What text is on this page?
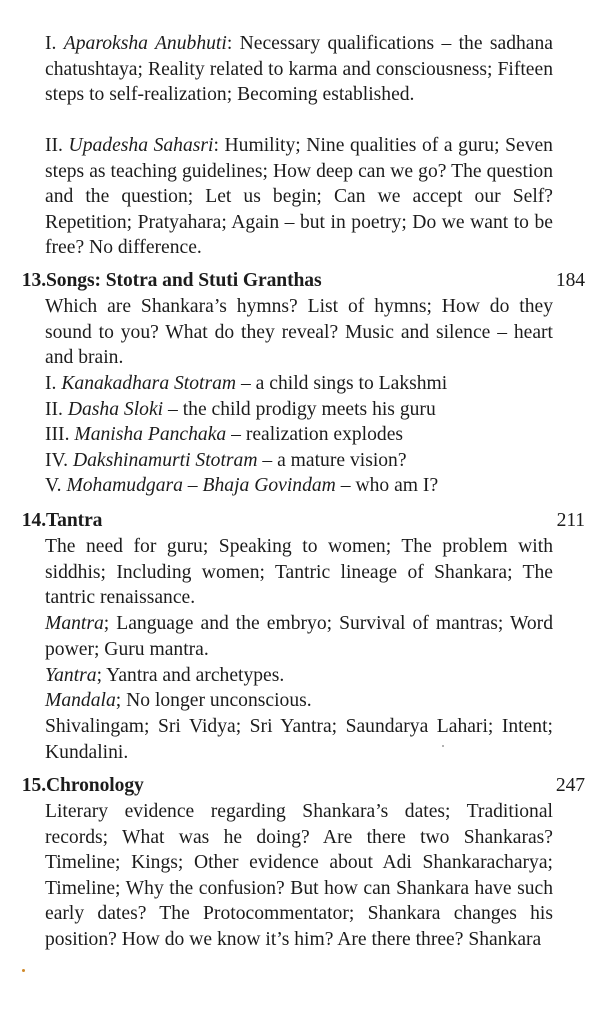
I. Aparoksha Anubhuti: Necessary qualifications – the sadhana chatushtaya; Reality related to karma and consciousness; Fifteen steps to self-realization; Becoming established.

II. Upadesha Sahasri: Humility; Nine qualities of a guru; Seven steps as teaching guidelines; How deep can we go? The question and the question; Let us begin; Can we accept our Self? Repetition; Pratyahara; Again – but in poetry; Do we want to be free? No difference.

13.Songs: Stotra and Stuti Granthas	184

Which are Shankara’s hymns? List of hymns; How do they sound to you? What do they reveal? Music and silence – heart and brain.

I. Kanakadhara Stotram – a child sings to Lakshmi
II. Dasha Sloki – the child prodigy meets his guru
III. Manisha Panchaka – realization explodes
IV. Dakshinamurti Stotram – a mature vision?
V. Mohamudgara – Bhaja Govindam – who am I?
14.Tantra	211

The need for guru; Speaking to women; The problem with siddhis; Including women; Tantric lineage of Shankara; The tantric renaissance.

Mantra; Language and the embryo; Survival of mantras; Word power; Guru mantra.

Yantra; Yantra and archetypes.

Mandala; No longer unconscious.

Shivalingam; Sri Vidya; Sri Yantra; Saundarya Lahari; Intent; Kundalini.

15.Chronology	247

Literary evidence regarding Shankara’s dates; Traditional records; What was he doing? Are there two Shankaras? Timeline; Kings; Other evidence about Adi Shankaracharya; Timeline; Why the confusion? But how can Shankara have such early dates? The Protocommentator; Shankara changes his position? How do we know it’s him? Are there three? Shankara
